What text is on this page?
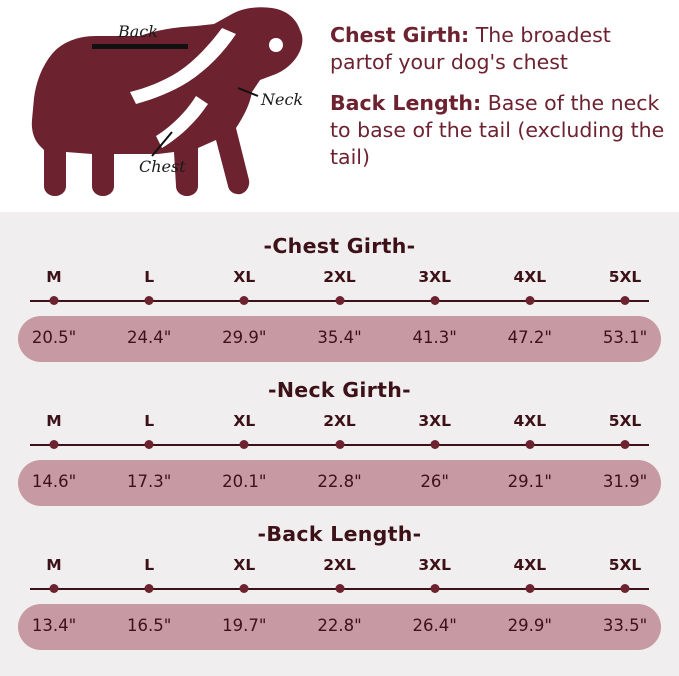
Back
Neck
Chest
Chest Girth: The broadest partof your dog's chest
Back Length: Base of the neck to base of the tail (excluding the tail)
-Chest Girth-
M	L	XL	2XL	3XL	4XL	5XL
20.5"	24.4"	29.9"	35.4"	41.3"	47.2"	53.1"
-Neck Girth-
M	L	XL	2XL	3XL	4XL	5XL
14.6"	17.3"	20.1"	22.8"	26"	29.1"	31.9"
-Back Length-
M	L	XL	2XL	3XL	4XL	5XL
13.4"	16.5"	19.7"	22.8"	26.4"	29.9"	33.5"
